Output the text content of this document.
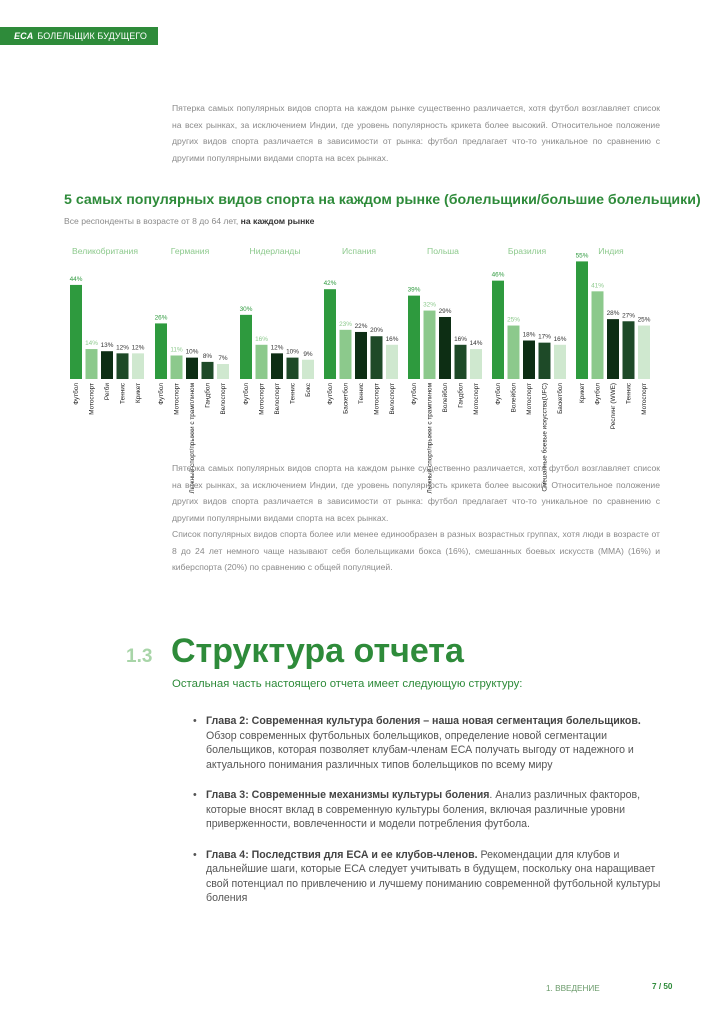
ECA БОЛЕЛЬЩИК БУДУЩЕГО

Пятерка самых популярных видов спорта на каждом рынке существенно различается, хотя футбол возглавляет список на всех рынках, за исключением Индии, где уровень популярность крикета более высокий. Относительное положение других видов спорта различается в зависимости от рынка: футбол предлагает что-то уникальное по сравнению с другими популярными видами спорта на всех рынках.

5 самых популярных видов спорта на каждом рынке (болельщики/большие болельщики)
Все респонденты в возрасте от 8 до 64 лет, на каждом рынке
Великобритания
44%
Футбол
14%
Мотоспорт
13%
Регби
12%
Теннис
12%
Крикет
Германия
26%
Футбол
11%
Мотоспорт
10%
Лыжный спорт/прыжки с трамплином
8%
Гандбол
7%
Велоспорт
Нидерланды
30%
Футбол
16%
Мотоспорт
12%
Велоспорт
10%
Теннис
9%
Бокс
Испания
42%
Футбол
23%
Баскетбол
22%
Теннис
20%
Мотоспорт
16%
Велоспорт
Польша
39%
Футбол
32%
Лыжный спорт/прыжки с трамплином
29%
Волейбол
16%
Гандбол
14%
Мотоспорт
Бразилия
46%
Футбол
25%
Волейбол
18%
Мотоспорт
17%
Смешанные боевые искусства(UFC)
16%
Баскетбол
Индия
55%
Крикет
41%
Футбол
28%
Реслинг (WWE)
27%
Теннис
25%
Мотоспорт

Пятерка самых популярных видов спорта на каждом рынке существенно различается, хотя футбол возглавляет список на всех рынках, за исключением Индии, где уровень популярность крикета более высокий. Относительное положение других видов спорта различается в зависимости от рынка: футбол предлагает что-то уникальное по сравнению с другими популярными видами спорта на всех рынках.

Список популярных видов спорта более или менее единообразен в разных возрастных группах, хотя люди в возрасте от 8 до 24 лет немного чаще называют себя болельщиками бокса (16%), смешанных боевых искусств (MMA) (16%) и киберспорта (20%) по сравнению с общей популяцией.

1.3 Структура отчета
Остальная часть настоящего отчета имеет следующую структуру:
• Глава 2: Современная культура боления – наша новая сегментация болельщиков. Обзор современных футбольных болельщиков, определение новой сегментации болельщиков, которая позволяет клубам-членам ЕСА получать выгоду от надежного и актуального понимания различных типов болельщиков по всему миру
• Глава 3: Современные механизмы культуры боления. Анализ различных факторов, которые вносят вклад в современную культуры боления, включая различные уровни приверженности, вовлеченности и модели потребления футбола.
• Глава 4: Последствия для ЕСА и ее клубов-членов. Рекомендации для клубов и дальнейшие шаги, которые ЕСА следует учитывать в будущем, поскольку она наращивает свой потенциал по привлечению и лучшему пониманию современной футбольной культуры боления
1. ВВЕДЕНИЕ	7 / 50
